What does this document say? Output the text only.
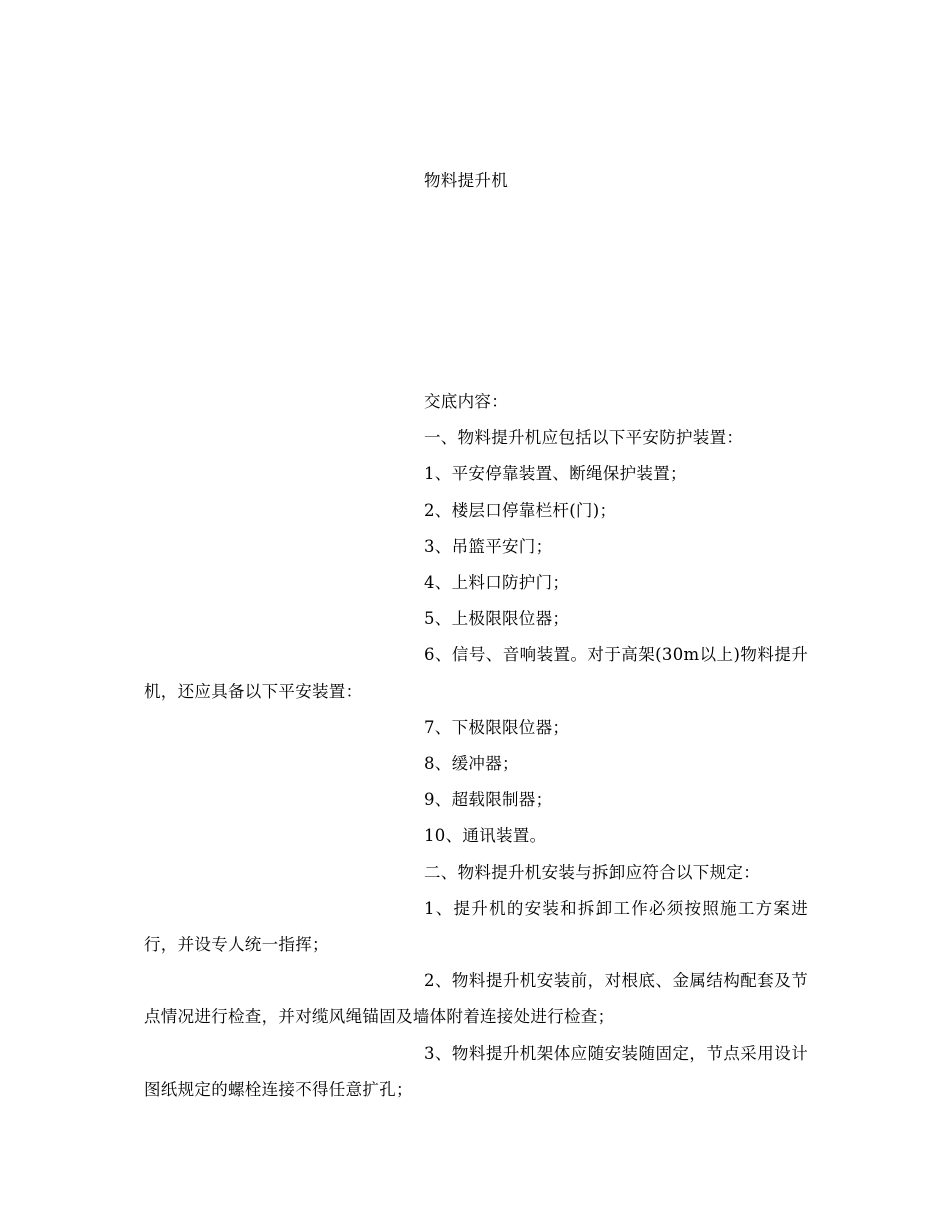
物料提升机

交底内容：

一、物料提升机应包括以下平安防护装置：

1、平安停靠装置、断绳保护装置；

2、楼层口停靠栏杆(门)；

3、吊篮平安门；

4、上料口防护门；

5、上极限限位器；

6、信号、音响装置。对于高架(30m以上)物料提升机，还应具备以下平安装置：

7、下极限限位器；

8、缓冲器；

9、超载限制器；

10、通讯装置。

二、物料提升机安装与拆卸应符合以下规定：

1、提升机的安装和拆卸工作必须按照施工方案进行，并设专人统一指挥；

2、物料提升机安装前，对根底、金属结构配套及节点情况进行检查，并对缆风绳锚固及墙体附着连接处进行检查；

3、物料提升机架体应随安装随固定，节点采用设计图纸规定的螺栓连接不得任意扩孔；
